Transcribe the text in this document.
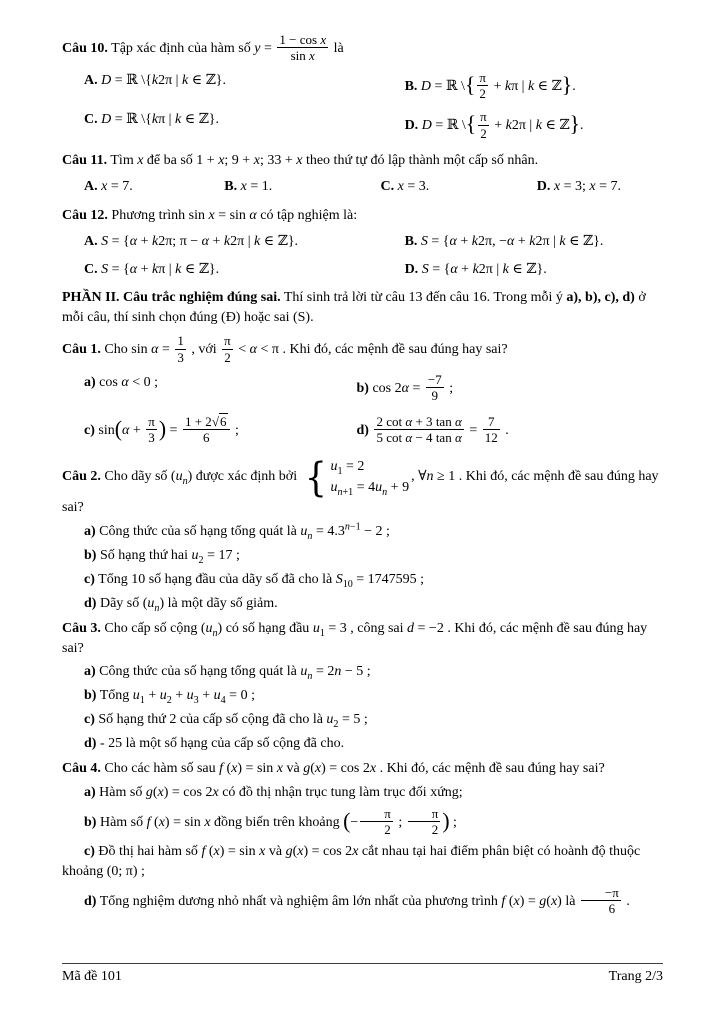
Câu 10. Tập xác định của hàm số $y = \frac{\text{1 − cos x}}{\text{sin x}}$ là
A. D = ℝ \{k2π | k ∈ ℤ}.	B. D = ℝ \{ $\frac{\pi}{2} + k\pi$ | k ∈ ℤ}.
C. D = ℝ \{kπ | k ∈ ℤ}.	D. D = ℝ \{ $\frac{\pi}{2} + k2\pi$ | k ∈ ℤ}.
Câu 11. Tìm x để ba số 1 + x; 9 + x; 33 + x theo thứ tự đó lập thành một cấp số nhân.
A. x = 7.	B. x = 1.	C. x = 3.	D. x = 3; x = 7.
Câu 12. Phương trình sin x = sin α có tập nghiệm là:
A. S = {α + k2π; π − α + k2π | k ∈ ℤ}.	B. S = {α + k2π, −α + k2π | k ∈ ℤ}.
C. S = {α + kπ | k ∈ ℤ}.	D. S = {α + k2π | k ∈ ℤ}.
PHẦN II. Câu trắc nghiệm đúng sai. Thí sinh trả lời từ câu 13 đến câu 16. Trong mỗi ý a), b), c), d) ở mỗi câu, thí sinh chọn đúng (Đ) hoặc sai (S).
Câu 1. Cho $\sin \alpha = \frac{1}{3}$ , với $\frac{\pi}{2} < \alpha < \pi$ . Khi đó, các mệnh đề sau đúng hay sai?
a) cos α < 0 ;	b) $\cos 2\alpha = \frac{-7}{9}$ ;
c) $\sin(\alpha + \frac{\pi}{3}$ ) = $\frac{1 + 2√6}{6}$ ;	$d) \frac{\text{2 cot α + 3 tan α}}{\text{5 cot α − 4 tan α}} = \frac{7}{12}$ .
Câu 2. Cho dãy số $(u_n)$ được xác định bởi { $u_1 = 2$
$u_{n+1} = 4u_n + 9$
, ∀n ≥ 1 . Khi đó, các mệnh đề sau đúng hay sai?
a) Công thức của số hạng tổng quát là $u_n = 4.3^{n-1} - 2$ ;
b) Số hạng thứ hai $u_2 = 17$ ;
c) Tổng 10 số hạng đầu của dãy số đã cho là $S_{10} = 1747595$ ;
d) Dãy số $(u_n)$ là một dãy số giảm.
Câu 3. Cho cấp số cộng $(u_n)$ có số hạng đầu $u_1 = 3$ , công sai d = −2 . Khi đó, các mệnh đề sau đúng hay sai?
a) Công thức của số hạng tổng quát là $u_n = 2n - 5$ ;
b) Tổng $u_1 + u_2 + u_3 + u_4 = 0$ ;
c) Số hạng thứ 2 của cấp số cộng đã cho là $u_2 = 5$ ;
d) - 25 là một số hạng của cấp số cộng đã cho.
Câu 4. Cho các hàm số sau f (x) = sin x và g(x) = cos 2x . Khi đó, các mệnh đề sau đúng hay sai?
a) Hàm số g(x) = cos 2x có đồ thị nhận trục tung làm trục đối xứng;
b) Hàm số f (x) = sin x đồng biến trên khoảng (− $\frac{\pi}{2}$ ; $\frac{\pi}{2}$ ) ;
c) Đồ thị hai hàm số f (x) = sin x và g(x) = cos 2x cắt nhau tại hai điểm phân biệt có hoành độ thuộc khoảng (0; π) ;
d) Tổng nghiệm dương nhỏ nhất và nghiệm âm lớn nhất của phương trình f (x) = g(x) là $\frac{-\pi}{6}$ .
Mã đề 101	Trang 2/3
